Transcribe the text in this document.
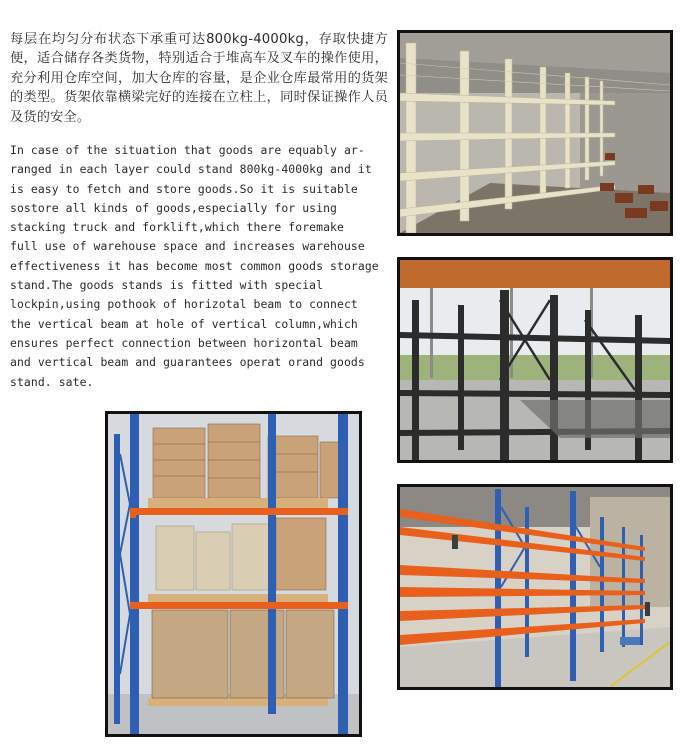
每层在均匀分布状态下承重可达800kg-4000kg，存取快捷方便，适合储存各类货物，特别适合于堆高车及叉车的操作使用，充分利用仓库空间，加大仓库的容量，是企业仓库最常用的货架的类型。货架依靠横梁完好的连接在立柱上，同时保证操作人员及货的安全。
In case of the situation that goods are equably ar-
ranged in each layer could stand 800kg-4000kg and it
is easy to fetch and store goods.So it is suitable
sostore all kinds of goods,especially for using
stacking truck and forklift,which there foremake
full use of warehouse space and increases warehouse
effectiveness it has become most common goods storage
stand.The goods stands is fitted with special
lockpin,using pothook of horizotal beam to connect
the vertical beam at hole of vertical column,which
ensures perfect connection between horizontal beam
and vertical beam and guarantees operat orand goods
stand. sate.
